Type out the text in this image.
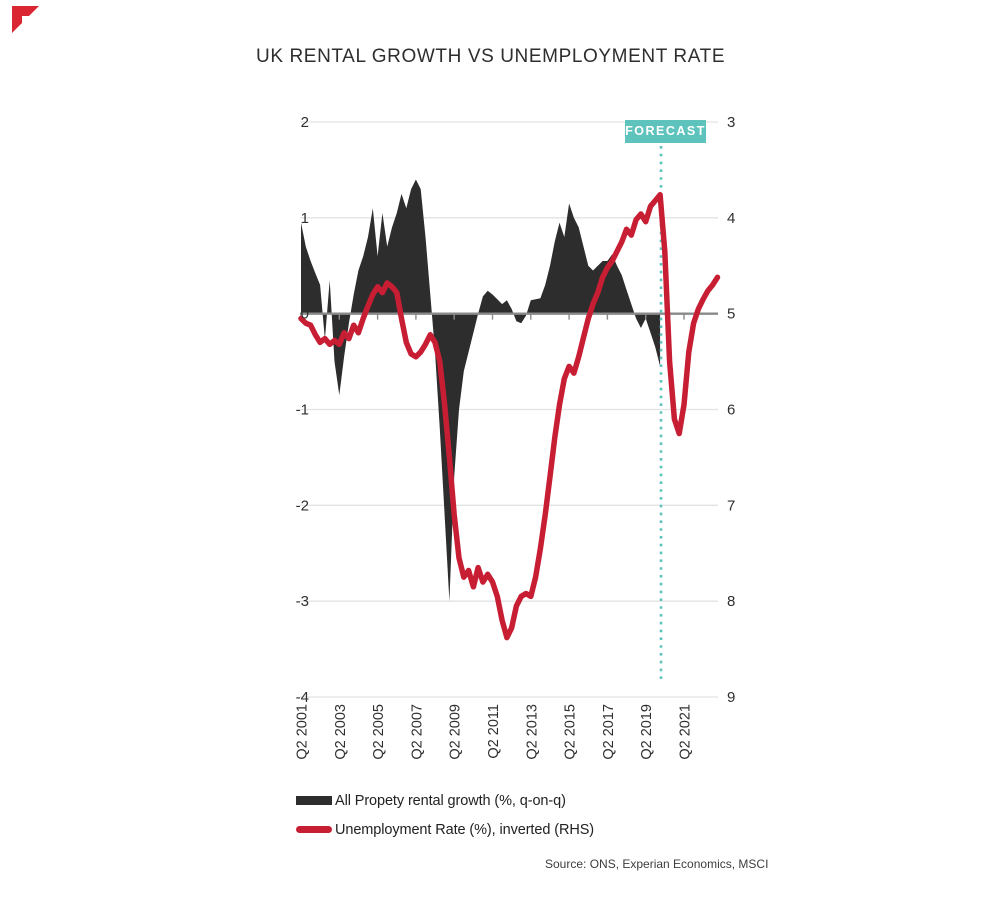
UK RENTAL GROWTH VS UNEMPLOYMENT RATE
2
1
0
-1
-2
-3
-4
3
4
5
6
7
8
9
Q2 2001 Q2 2003 Q2 2005 Q2 2007 Q2 2009 Q2 2011 Q2 2013 Q2 2015 Q2 2017 Q2 2019 Q2 2021
FORECAST
All Propety rental growth (%, q-on-q)
Unemployment Rate (%), inverted (RHS)
Source: ONS, Experian Economics, MSCI
